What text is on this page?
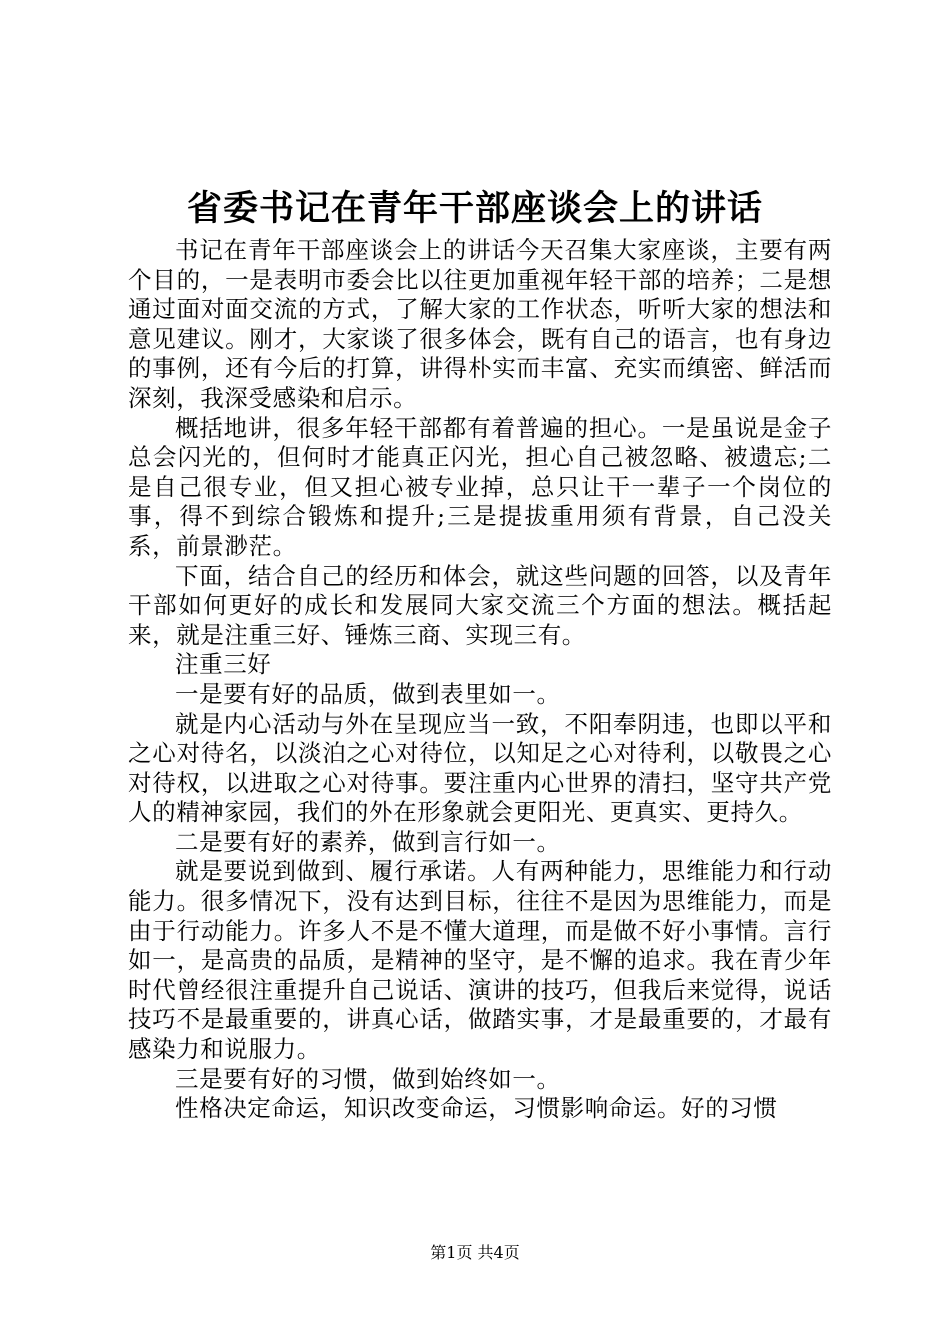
省委书记在青年干部座谈会上的讲话

书记在青年干部座谈会上的讲话今天召集大家座谈，主要有两个目的，一是表明市委会比以往更加重视年轻干部的培养；二是想通过面对面交流的方式，了解大家的工作状态，听听大家的想法和意见建议。刚才，大家谈了很多体会，既有自己的语言，也有身边的事例，还有今后的打算，讲得朴实而丰富、充实而缜密、鲜活而深刻，我深受感染和启示。

概括地讲，很多年轻干部都有着普遍的担心。一是虽说是金子总会闪光的，但何时才能真正闪光，担心自己被忽略、被遗忘;二是自己很专业，但又担心被专业掉，总只让干一辈子一个岗位的事，得不到综合锻炼和提升;三是提拔重用须有背景，自己没关系，前景渺茫。

下面，结合自己的经历和体会，就这些问题的回答，以及青年干部如何更好的成长和发展同大家交流三个方面的想法。概括起来，就是注重三好、锤炼三商、实现三有。

注重三好

一是要有好的品质，做到表里如一。

就是内心活动与外在呈现应当一致，不阳奉阴违，也即以平和之心对待名，以淡泊之心对待位，以知足之心对待利，以敬畏之心对待权，以进取之心对待事。要注重内心世界的清扫，坚守共产党人的精神家园，我们的外在形象就会更阳光、更真实、更持久。

二是要有好的素养，做到言行如一。

就是要说到做到、履行承诺。人有两种能力，思维能力和行动能力。很多情况下，没有达到目标，往往不是因为思维能力，而是由于行动能力。许多人不是不懂大道理，而是做不好小事情。言行如一，是高贵的品质，是精神的坚守，是不懈的追求。我在青少年时代曾经很注重提升自己说话、演讲的技巧，但我后来觉得，说话技巧不是最重要的，讲真心话，做踏实事，才是最重要的，才最有感染力和说服力。

三是要有好的习惯，做到始终如一。

性格决定命运，知识改变命运，习惯影响命运。好的习惯

第1页 共4页
